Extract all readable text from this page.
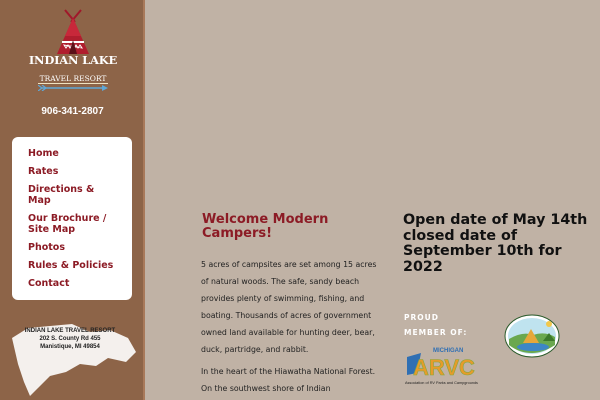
INDIAN LAKE
TRAVEL RESORT
906-341-2807
Home
Rates
Directions & Map
Our Brochure / Site Map
Photos
Rules & Policies
Contact
INDIAN LAKE TRAVEL RESORT
202 S. County Rd 455
Manistique, MI 49854
Welcome Modern Campers!

5 acres of campsites are set among 15 acres of natural woods. The safe, sandy beach provides plenty of swimming, fishing, and boating. Thousands of acres of government owned land available for hunting deer, bear, duck, partridge, and rabbit.

In the heart of the Hiawatha National Forest. On the southwest shore of Indian

Open date of May 14th closed date of September 10th for 2022
PROUD MEMBER OF:
MICHIGAN
ARVC
Association of RV Parks and Campgrounds
